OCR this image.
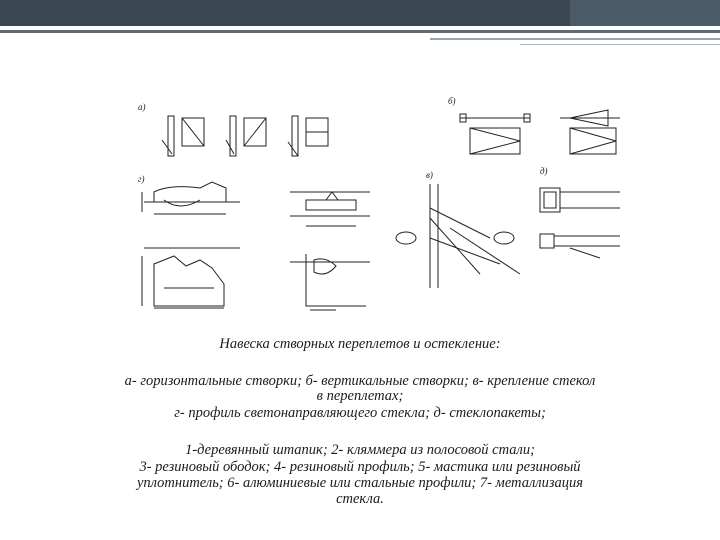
а)
б)
в)
г)
д)
Навеска створных переплетов и остекление:
а- горизонтальные створки; б- вертикальные створки; в- крепление стекол
в переплетах;
г- профиль светонаправляющего стекла; д- стеклопакеты;
1-деревянный штапик; 2- кляммера из полосовой стали;
3- резиновый ободок; 4- резиновый профиль; 5- мастика или резиновый
уплотнитель; 6- алюминиевые или стальные профили; 7- металлизация
стекла.
